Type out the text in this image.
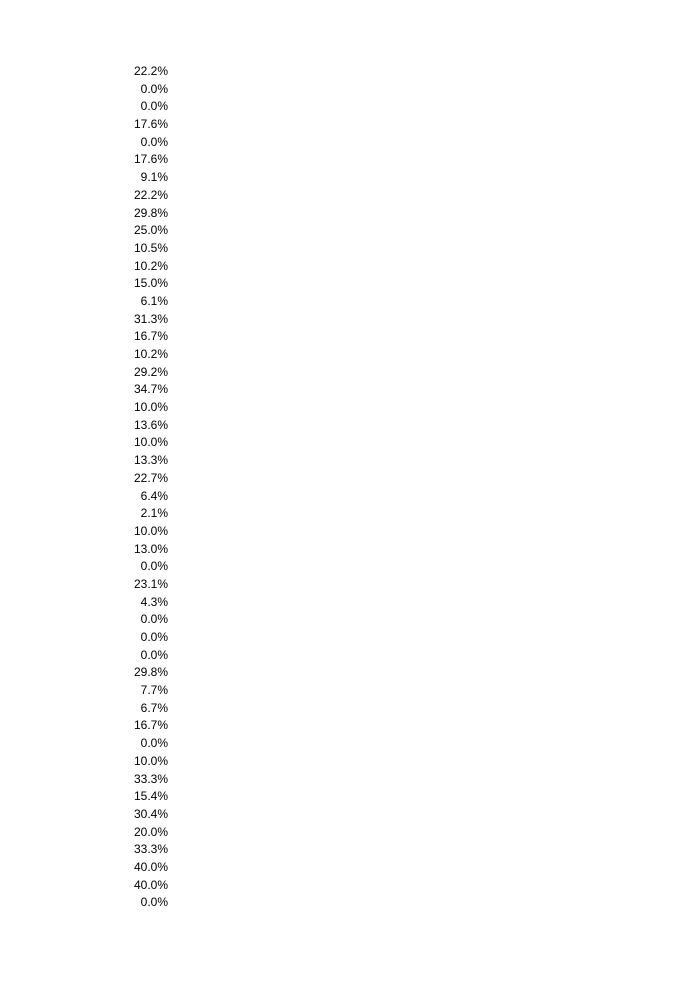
22.2%
0.0%
0.0%
17.6%
0.0%
17.6%
9.1%
22.2%
29.8%
25.0%
10.5%
10.2%
15.0%
6.1%
31.3%
16.7%
10.2%
29.2%
34.7%
10.0%
13.6%
10.0%
13.3%
22.7%
6.4%
2.1%
10.0%
13.0%
0.0%
23.1%
4.3%
0.0%
0.0%
0.0%
29.8%
7.7%
6.7%
16.7%
0.0%
10.0%
33.3%
15.4%
30.4%
20.0%
33.3%
40.0%
40.0%
0.0%
